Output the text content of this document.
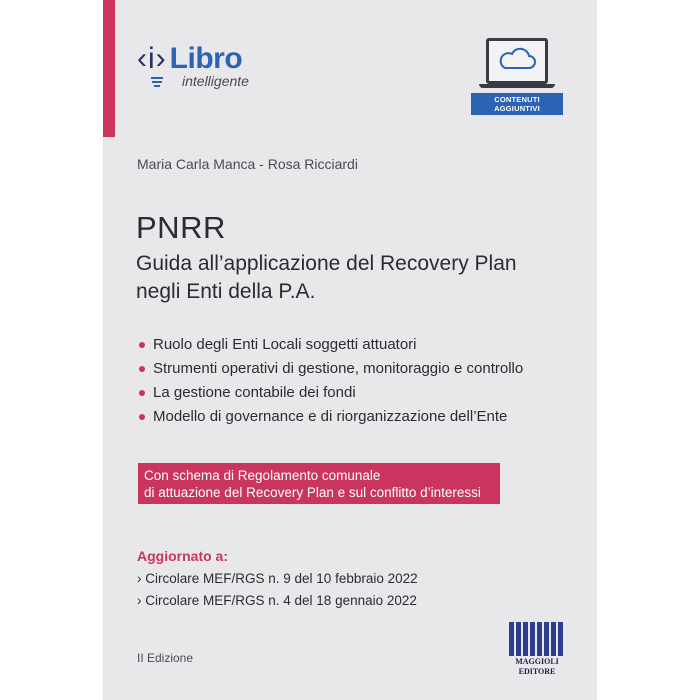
‹i› Libro
intelligente
CONTENUTI AGGIUNTIVI
Maria Carla Manca - Rosa Ricciardi
PNRR
Guida all’applicazione del Recovery Plan
negli Enti della P.A.
Ruolo degli Enti Locali soggetti attuatori
Strumenti operativi di gestione, monitoraggio e controllo
La gestione contabile dei fondi
Modello di governance e di riorganizzazione dell’Ente
Con schema di Regolamento comunale
di attuazione del Recovery Plan e sul conflitto d’interessi
Aggiornato a:
› Circolare MEF/RGS n. 9 del 10 febbraio 2022
› Circolare MEF/RGS n. 4 del 18 gennaio 2022
II Edizione	MAGGIOLI
EDITORE
